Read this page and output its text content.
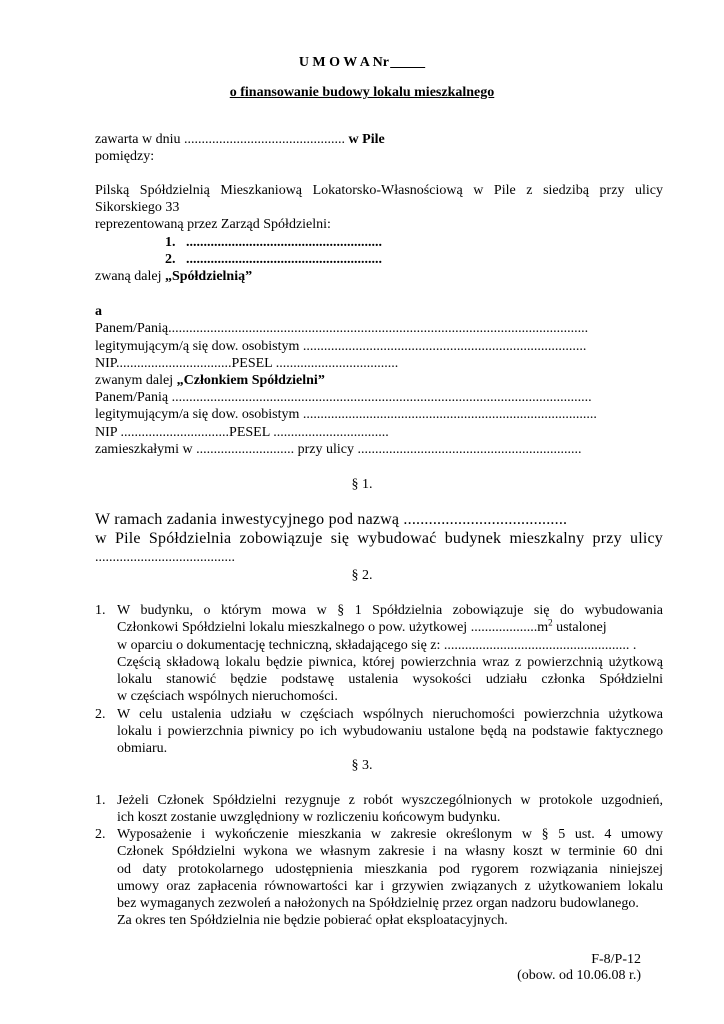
U M O W A Nr
o finansowanie budowy lokalu mieszkalnego
zawarta w dniu .............................................. w Pile
pomiędzy:
Pilską Spółdzielnią Mieszkaniową Lokatorsko-Własnościową w Pile z siedzibą przy ulicy
Sikorskiego 33
reprezentowaną przez Zarząd Spółdzielni:
1. ........................................................
2. ........................................................
zwaną dalej „Spółdzielnią”
a
Panem/Panią........................................................................................................................
legitymującym/ą się dow. osobistym .................................................................................
NIP.................................PESEL ...................................
zwanym dalej „Członkiem Spółdzielni”
Panem/Panią ........................................................................................................................
legitymującym/a się dow. osobistym ....................................................................................
NIP ...............................PESEL .................................
zamieszkałymi w ............................ przy ulicy ................................................................
§ 1.
W ramach zadania inwestycyjnego pod nazwą .......................................
w Pile Spółdzielnia zobowiązuje się wybudować budynek mieszkalny przy ulicy
........................................
§ 2.
1. W budynku, o którym mowa w § 1 Spółdzielnia zobowiązuje się do wybudowania
Członkowi Spółdzielni lokalu mieszkalnego o pow. użytkowej $...................m^2$ ustalonej
w oparciu o dokumentację techniczną, składającego się z: ..................................................... .
Częścią składową lokalu będzie piwnica, której powierzchnia wraz z powierzchnią użytkową
lokalu stanowić będzie podstawę ustalenia wysokości udziału członka Spółdzielni
w częściach wspólnych nieruchomości.
2. W celu ustalenia udziału w częściach wspólnych nieruchomości powierzchnia użytkowa
lokalu i powierzchnia piwnicy po ich wybudowaniu ustalone będą na podstawie faktycznego
obmiaru.
§ 3.
1. Jeżeli Członek Spółdzielni rezygnuje z robót wyszczególnionych w protokole uzgodnień,
ich koszt zostanie uwzględniony w rozliczeniu końcowym budynku.
2. Wyposażenie i wykończenie mieszkania w zakresie określonym w § 5 ust. 4 umowy
Członek Spółdzielni wykona we własnym zakresie i na własny koszt w terminie 60 dni
od daty protokolarnego udostępnienia mieszkania pod rygorem rozwiązania niniejszej
umowy oraz zapłacenia równowartości kar i grzywien związanych z użytkowaniem lokalu
bez wymaganych zezwoleń a nałożonych na Spółdzielnię przez organ nadzoru budowlanego.
Za okres ten Spółdzielnia nie będzie pobierać opłat eksploatacyjnych.
F-8/P-12
(obow. od 10.06.08 r.)
